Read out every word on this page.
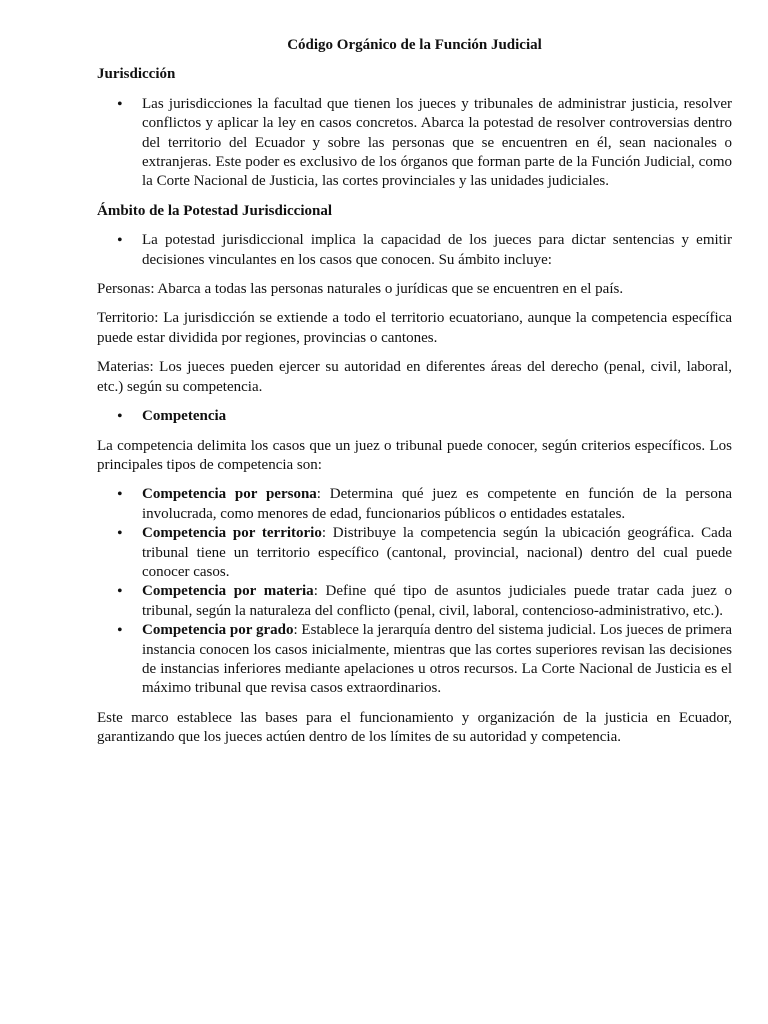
Código Orgánico de la Función Judicial
Jurisdicción
• Las jurisdicciones la facultad que tienen los jueces y tribunales de administrar justicia, resolver conflictos y aplicar la ley en casos concretos. Abarca la potestad de resolver controversias dentro del territorio del Ecuador y sobre las personas que se encuentren en él, sean nacionales o extranjeras. Este poder es exclusivo de los órganos que forman parte de la Función Judicial, como la Corte Nacional de Justicia, las cortes provinciales y las unidades judiciales.
Ámbito de la Potestad Jurisdiccional
• La potestad jurisdiccional implica la capacidad de los jueces para dictar sentencias y emitir decisiones vinculantes en los casos que conocen. Su ámbito incluye:

Personas: Abarca a todas las personas naturales o jurídicas que se encuentren en el país.

Territorio: La jurisdicción se extiende a todo el territorio ecuatoriano, aunque la competencia específica puede estar dividida por regiones, provincias o cantones.

Materias: Los jueces pueden ejercer su autoridad en diferentes áreas del derecho (penal, civil, laboral, etc.) según su competencia.

• Competencia

La competencia delimita los casos que un juez o tribunal puede conocer, según criterios específicos. Los principales tipos de competencia son:

• Competencia por persona: Determina qué juez es competente en función de la persona involucrada, como menores de edad, funcionarios públicos o entidades estatales.
• Competencia por territorio: Distribuye la competencia según la ubicación geográfica. Cada tribunal tiene un territorio específico (cantonal, provincial, nacional) dentro del cual puede conocer casos.
• Competencia por materia: Define qué tipo de asuntos judiciales puede tratar cada juez o tribunal, según la naturaleza del conflicto (penal, civil, laboral, contencioso-administrativo, etc.).
• Competencia por grado: Establece la jerarquía dentro del sistema judicial. Los jueces de primera instancia conocen los casos inicialmente, mientras que las cortes superiores revisan las decisiones de instancias inferiores mediante apelaciones u otros recursos. La Corte Nacional de Justicia es el máximo tribunal que revisa casos extraordinarios.

Este marco establece las bases para el funcionamiento y organización de la justicia en Ecuador, garantizando que los jueces actúen dentro de los límites de su autoridad y competencia.
